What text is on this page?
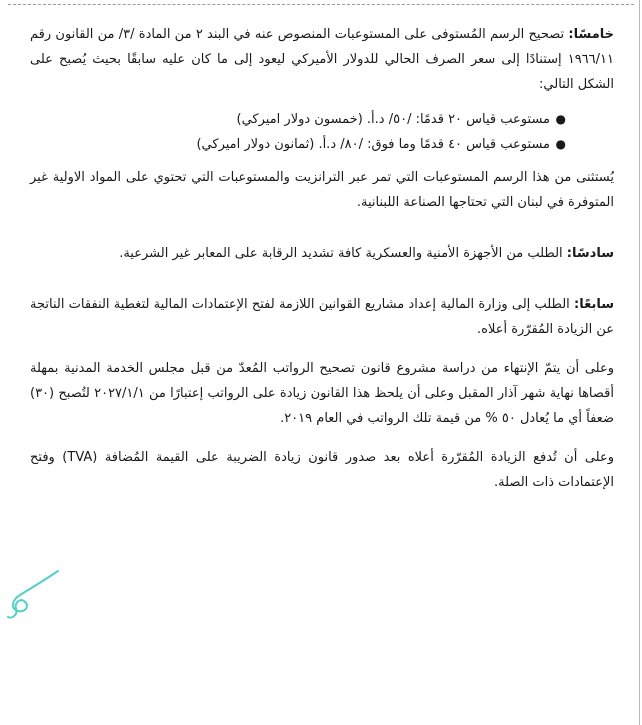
خامسًا: تصحيح الرسم المُستوفى على المستوعبات المنصوص عنه في البند ٢ من المادة /٣/ من القانون رقم ١٩٦٦/١١ إستنادًا إلى سعر الصرف الحالي للدولار الأميركي ليعود إلى ما كان عليه سابقًا بحيث يُصبح على الشكل التالي:

●
مستوعب قياس ٢٠ قدمًا: /٥٠/ د.أ. (خمسون دولار اميركي)
●
مستوعب قياس ٤٠ قدمًا وما فوق: /٨٠/ د.أ. (ثمانون دولار اميركي)

يُستثنى من هذا الرسم المستوعبات التي تمر عبر الترانزيت والمستوعبات التي تحتوي على المواد الاولية غير المتوفرة في لبنان التي تحتاجها الصناعة اللبنانية.

سادسًا: الطلب من الأجهزة الأمنية والعسكرية كافة تشديد الرقابة على المعابر غير الشرعية.

سابعًا: الطلب إلى وزارة المالية إعداد مشاريع القوانين اللازمة لفتح الإعتمادات المالية لتغطية النفقات الناتجة عن الزيادة المُقرّرة أعلاه.

وعلى أن يتمّ الإنتهاء من دراسة مشروع قانون تصحيح الرواتب المُعدّ من قبل مجلس الخدمة المدنية بمهلة أقصاها نهاية شهر آذار المقبل وعلى أن يلحظ هذا القانون زيادة على الرواتب إعتبارًا من ٢٠٢٧/١/١ لتُصبح (٣٠) ضعفاً أي ما يُعادل ٥٠ % من قيمة تلك الرواتب في العام ٢٠١٩.

وعلى أن تُدفع الزيادة المُقرّرة أعلاه بعد صدور قانون زيادة الضريبة على القيمة المُضافة (TVA) وفتح الإعتمادات ذات الصلة.
